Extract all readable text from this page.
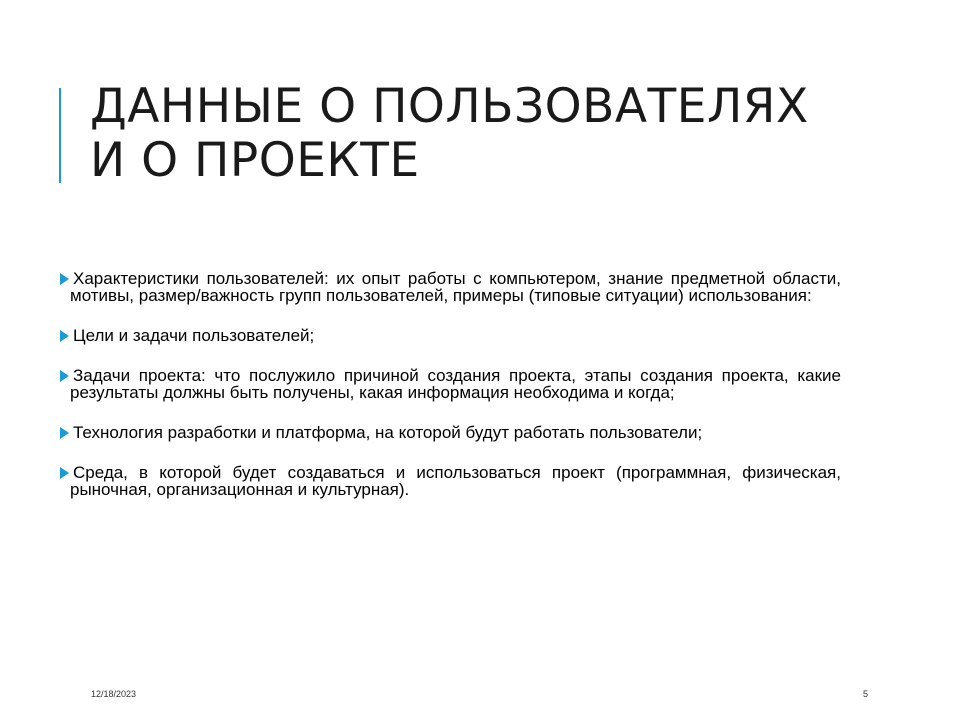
ДАННЫЕ О ПОЛЬЗОВАТЕЛЯХ
И О ПРОЕКТЕ
Характеристики пользователей: их опыт работы с компьютером, знание предметной области, мотивы, размер/важность групп пользователей, примеры (типовые ситуации) использования:
Цели и задачи пользователей;
Задачи проекта: что послужило причиной создания проекта, этапы создания проекта, какие результаты должны быть получены, какая информация необходима и когда;
Технология разработки и платформа, на которой будут работать пользователи;
Среда, в которой будет создаваться и использоваться проект (программная, физическая, рыночная, организационная и культурная).
12/18/2023	5
